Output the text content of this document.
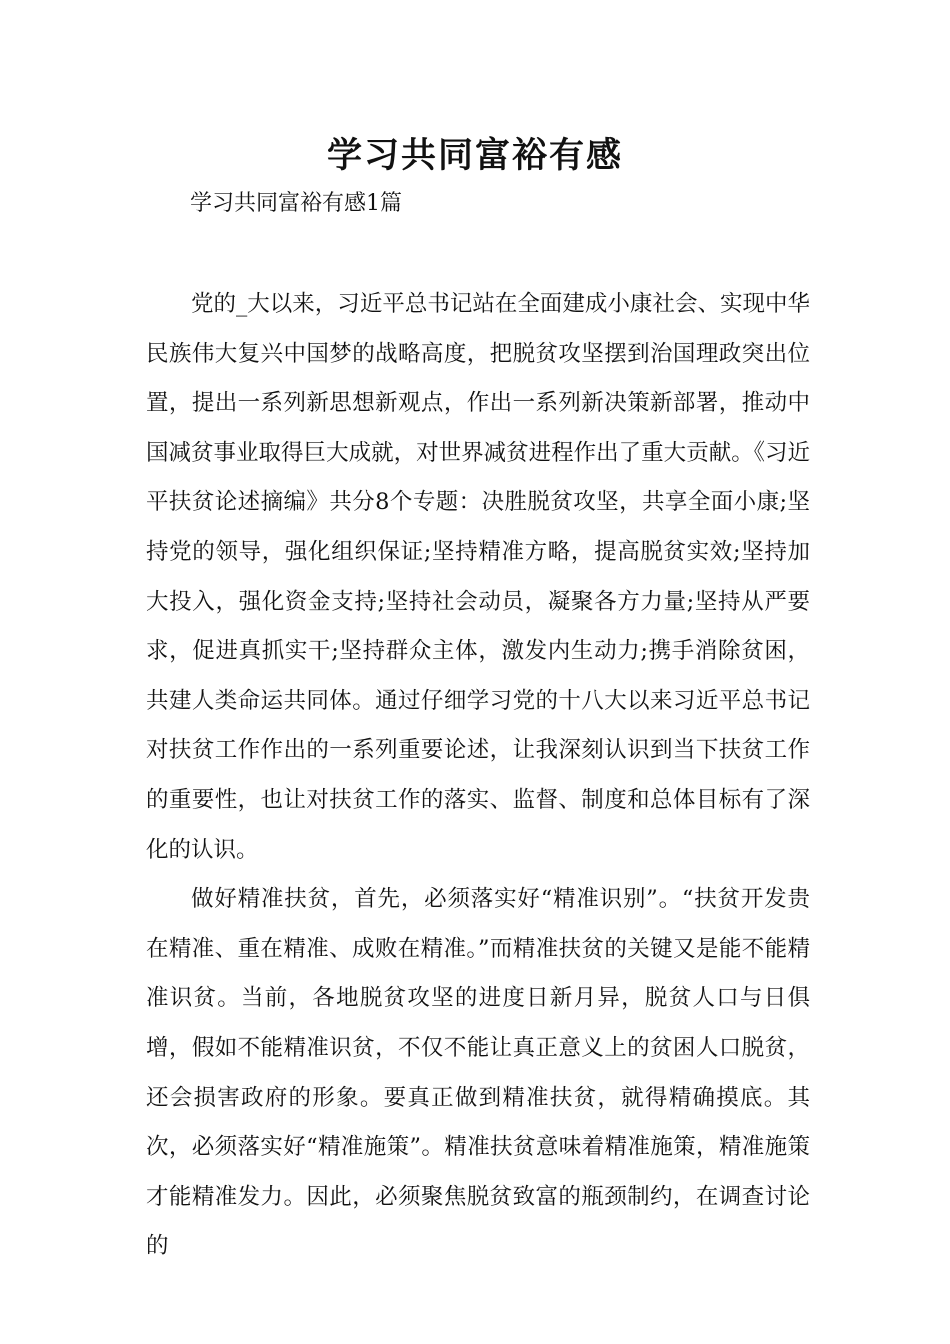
学习共同富裕有感
学习共同富裕有感1篇

党的_大以来，习近平总书记站在全面建成小康社会、实现中华民族伟大复兴中国梦的战略高度，把脱贫攻坚摆到治国理政突出位置，提出一系列新思想新观点，作出一系列新决策新部署，推动中国减贫事业取得巨大成就，对世界减贫进程作出了重大贡献。《习近平扶贫论述摘编》共分8个专题：决胜脱贫攻坚，共享全面小康;坚持党的领导，强化组织保证;坚持精准方略，提高脱贫实效;坚持加大投入，强化资金支持;坚持社会动员，凝聚各方力量;坚持从严要求，促进真抓实干;坚持群众主体，激发内生动力;携手消除贫困，共建人类命运共同体。通过仔细学习党的十八大以来习近平总书记对扶贫工作作出的一系列重要论述，让我深刻认识到当下扶贫工作的重要性，也让对扶贫工作的落实、监督、制度和总体目标有了深化的认识。

做好精准扶贫，首先，必须落实好“精准识别”。“扶贫开发贵在精准、重在精准、成败在精准。”而精准扶贫的关键又是能不能精准识贫。当前，各地脱贫攻坚的进度日新月异，脱贫人口与日俱增，假如不能精准识贫，不仅不能让真正意义上的贫困人口脱贫，还会损害政府的形象。要真正做到精准扶贫，就得精确摸底。其次，必须落实好“精准施策”。精准扶贫意味着精准施策，精准施策才能精准发力。因此，必须聚焦脱贫致富的瓶颈制约，在调查讨论的
